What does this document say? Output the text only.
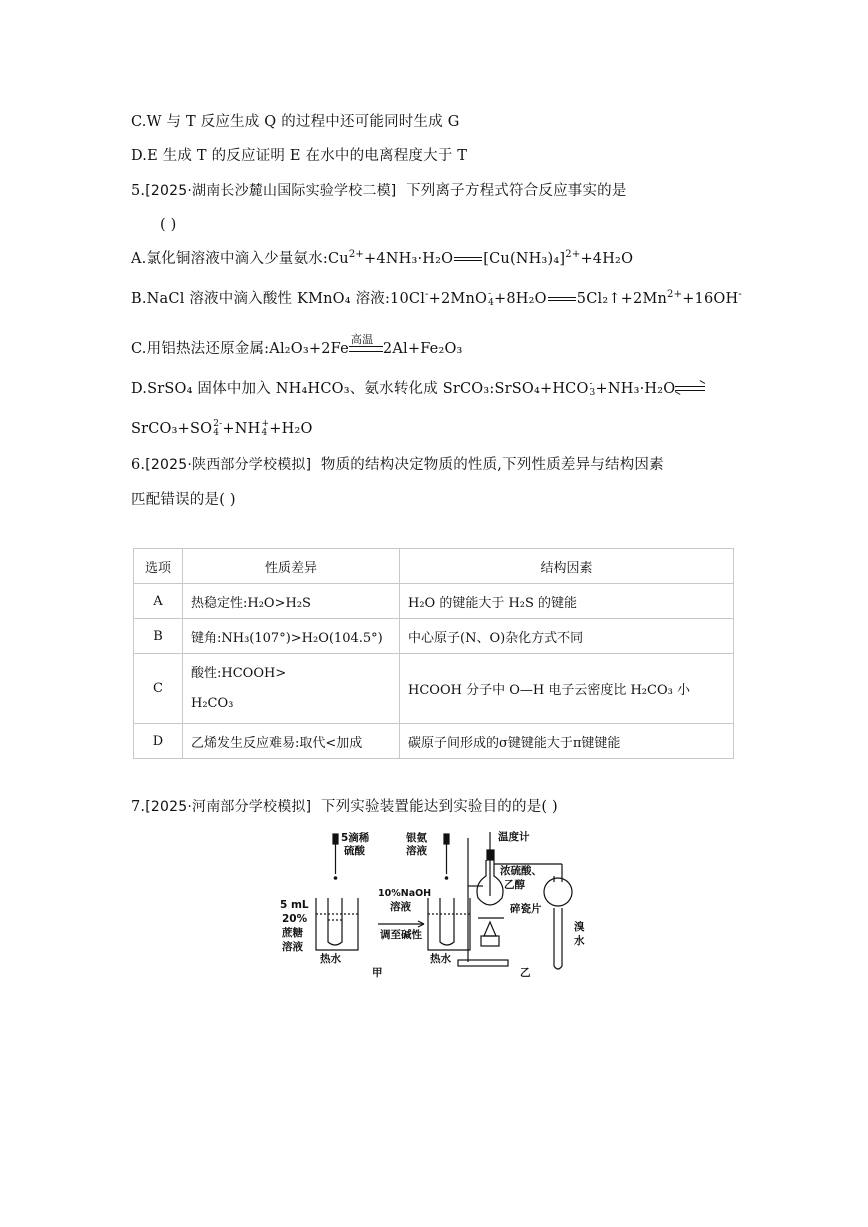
C.W 与 T 反应生成 Q 的过程中还可能同时生成 G
D.E 生成 T 的反应证明 E 在水中的电离程度大于 T
5.[2025·湖南长沙麓山国际实验学校二模] 下列离子方程式符合反应事实的是
( )
A.氯化铜溶液中滴入少量氨水$:Cu^{2+}+4NH_3\cdot H_2O$ $[Cu(NH_3)_4]^{2+}+4H_2O$
B.NaCl 溶液中滴入酸性 KMnO₄ 溶液:10Cl-+2MnO -
4 +8H₂O $5Cl_2↑+2Mn^{2+}+16OH^-$
C.用铝热法还原金属:Al₂O₃+2Fe
高温
2Al+Fe₂O₃
D.SrSO₄ 固体中加入 NH₄HCO₃、氨水转化成 SrCO₃:SrSO₄+HCO -
3 +NH₃·H₂O
SrCO₃+SO 2-
4 +NH +
4 +H₂O
6.[2025·陕西部分学校模拟] 物质的结构决定物质的性质,下列性质差异与结构因素
匹配错误的是( )
选项	性质差异	结构因素
A	热稳定性:H₂O>H₂S	H₂O 的键能大于 H₂S 的键能
B	键角:NH₃(107°)>H₂O(104.5°)	中心原子(N、O)杂化方式不同
C	酸性:HCOOH>
H₂CO₃	HCOOH 分子中 O—H 电子云密度比 H₂CO₃ 小
D	乙烯发生反应难易:取代<加成	碳原子间形成的σ键键能大于π键键能
7.[2025·河南部分学校模拟] 下列实验装置能达到实验目的的是( )
5滴稀
硫酸
银氨
溶液
5 mL
20%
蔗糖
溶液
10%NaOH
溶液
调至碱性
热水	热水
甲
温度计
浓硫酸、
乙醇
碎瓷片
溴
水
乙
